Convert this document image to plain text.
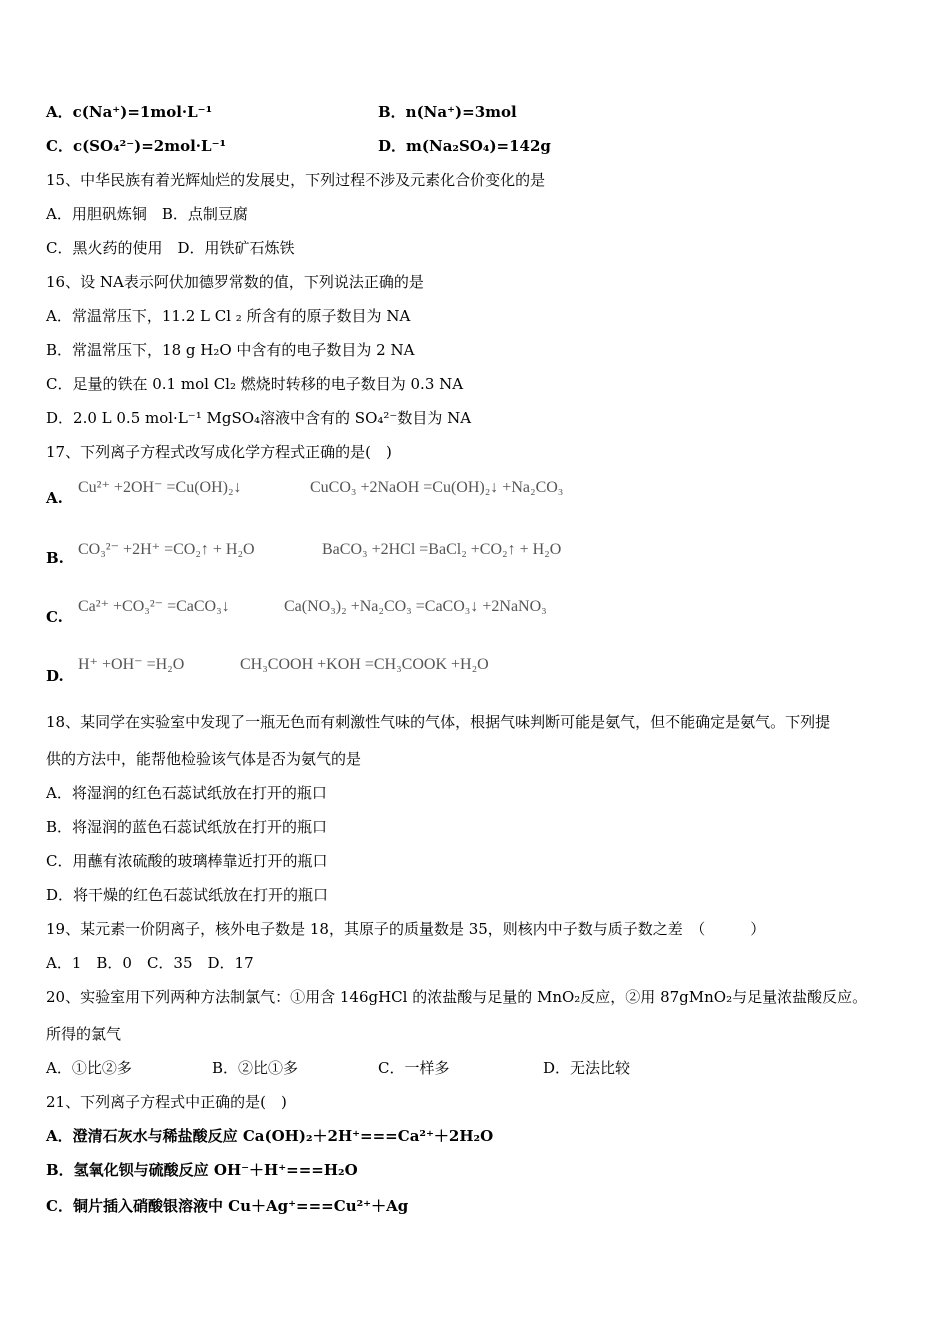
A．c(Na⁺)=1mol·L⁻¹	B．n(Na⁺)=3mol
C．c(SO₄²⁻)=2mol·L⁻¹	D．m(Na₂SO₄)=142g
15、中华民族有着光辉灿烂的发展史，下列过程不涉及元素化合价变化的是
A．用胆矾炼铜　B．点制豆腐
C．黑火药的使用　D．用铁矿石炼铁
16、设 NA表示阿伏加德罗常数的值，下列说法正确的是
A．常温常压下，11.2 L Cl ₂ 所含有的原子数目为 NA
B．常温常压下，18 g H₂O 中含有的电子数目为 2 NA
C．足量的铁在 0.1 mol Cl₂ 燃烧时转移的电子数目为 0.3 NA
D．2.0 L 0.5 mol·L⁻¹ MgSO₄溶液中含有的 SO₄²⁻数目为 NA
17、下列离子方程式改写成化学方程式正确的是(　)
A.
Cu²⁺ +2OH⁻ =Cu(OH)₂↓	CuCO₃ +2NaOH =Cu(OH)₂↓ +Na₂CO₃
B. CO₃²⁻ +2H⁺ =CO₂↑ + H₂O	BaCO₃ +2HCl =BaCl₂ +CO₂↑ + H₂O
C.
Ca²⁺ +CO₃²⁻ =CaCO₃↓	Ca(NO₃)₂ +Na₂CO₃ =CaCO₃↓ +2NaNO₃
D.
H⁺ +OH⁻ =H₂O	CH₃COOH +KOH =CH₃COOK +H₂O
18、某同学在实验室中发现了一瓶无色而有刺激性气味的气体，根据气味判断可能是氨气，但不能确定是氨气。下列提
供的方法中，能帮他检验该气体是否为氨气的是
A．将湿润的红色石蕊试纸放在打开的瓶口
B．将湿润的蓝色石蕊试纸放在打开的瓶口
C．用蘸有浓硫酸的玻璃棒靠近打开的瓶口
D．将干燥的红色石蕊试纸放在打开的瓶口
19、某元素一价阴离子，核外电子数是 18，其原子的质量数是 35，则核内中子数与质子数之差　（　　　）
A．1　B．0　C．35　D．17
20、实验室用下列两种方法制氯气：①用含 146gHCl 的浓盐酸与足量的 MnO₂反应，②用 87gMnO₂与足量浓盐酸反应。
所得的氯气
A．①比②多	B．②比①多	C．一样多	D．无法比较
21、下列离子方程式中正确的是(　)
A．澄清石灰水与稀盐酸反应 Ca(OH)₂＋2H⁺===Ca²⁺＋2H₂O
B．氢氧化钡与硫酸反应 OH⁻＋H⁺===H₂O
C．铜片插入硝酸银溶液中 Cu＋Ag⁺===Cu²⁺＋Ag
